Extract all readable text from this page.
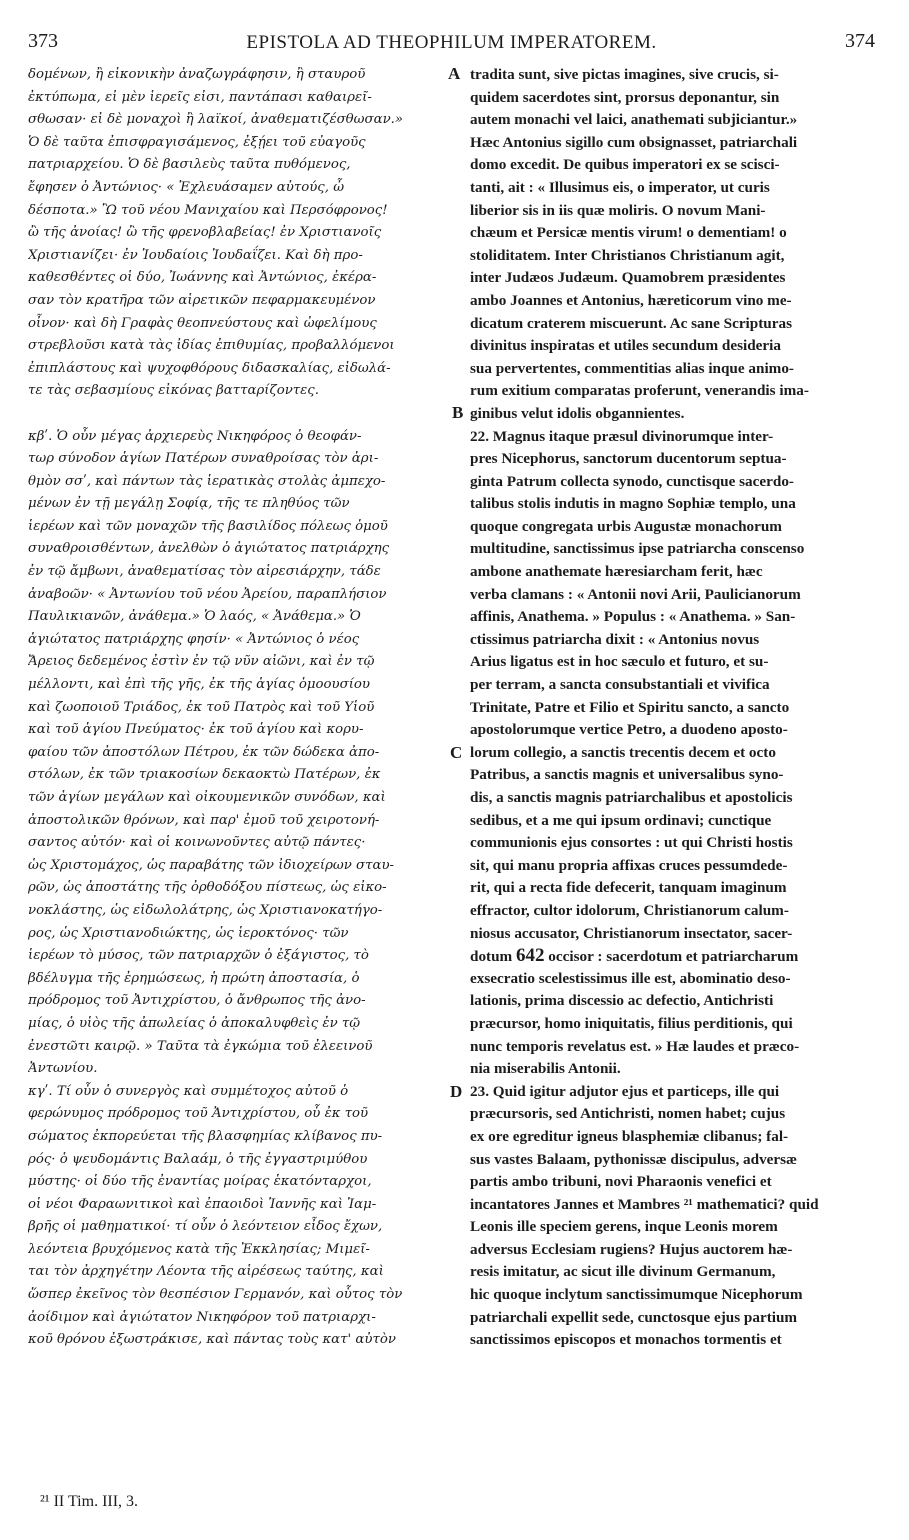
373	EPISTOLA AD THEOPHILUM IMPERATOREM.	374
δομένων, ἢ εἰκονικὴν ἀναζωγράφησιν, ἢ σταυροῦ
ἐκτύπωμα, εἰ μὲν ἱερεῖς εἰσι, παντάπασι καθαιρεῖ-
σθωσαν· εἰ δὲ μοναχοὶ ἢ λαϊκοί, ἀναθεματιζέσθωσαν.»
Ὁ δὲ ταῦτα ἐπισφραγισάμενος, ἐξῄει τοῦ εὐαγοῦς
πατριαρχείου. Ὁ δὲ βασιλεὺς ταῦτα πυθόμενος,
ἔφησεν ὁ Ἀντώνιος· « Ἐχλευάσαμεν αὐτούς, ὦ
δέσποτα.» Ὢ τοῦ νέου Μανιχαίου καὶ Περσόφρονος!
ὢ τῆς ἀνοίας! ὢ τῆς φρενοβλαβείας! ἐν Χριστιανοῖς
Χριστιανίζει· ἐν Ἰουδαίοις Ἰουδαΐζει. Καὶ δὴ προ-
καθεσθέντες οἱ δύο, Ἰωάννης καὶ Ἀντώνιος, ἐκέρα-
σαν τὸν κρατῆρα τῶν αἱρετικῶν πεφαρμακευμένον
οἶνον· καὶ δὴ Γραφὰς θεοπνεύστους καὶ ὠφελίμους
στρεβλοῦσι κατὰ τὰς ἰδίας ἐπιθυμίας, προβαλλόμενοι
ἐπιπλάστους καὶ ψυχοφθόρους διδασκαλίας, εἰδωλά-
τε τὰς σεβασμίους εἰκόνας βατταρίζοντες.
κβʹ. Ὁ οὖν μέγας ἀρχιερεὺς Νικηφόρος ὁ θεοφάν-
τωρ σύνοδον ἁγίων Πατέρων συναθροίσας τὸν ἀρι-
θμὸν σσʹ, καὶ πάντων τὰς ἱερατικὰς στολὰς ἀμπεχο-
μένων ἐν τῇ μεγάλῃ Σοφίᾳ, τῆς τε πληθύος τῶν
ἱερέων καὶ τῶν μοναχῶν τῆς βασιλίδος πόλεως ὁμοῦ
συναθροισθέντων, ἀνελθὼν ὁ ἁγιώτατος πατριάρχης
ἐν τῷ ἄμβωνι, ἀναθεματίσας τὸν αἱρεσιάρχην, τάδε
ἀναβοῶν· « Ἀντωνίου τοῦ νέου Ἀρείου, παραπλήσιον
Παυλικιανῶν, ἀνάθεμα.» Ὁ λαός, « Ἀνάθεμα.» Ὁ
ἁγιώτατος πατριάρχης φησίν· « Ἀντώνιος ὁ νέος
Ἄρειος δεδεμένος ἐστὶν ἐν τῷ νῦν αἰῶνι, καὶ ἐν τῷ
μέλλοντι, καὶ ἐπὶ τῆς γῆς, ἐκ τῆς ἁγίας ὁμοουσίου
καὶ ζωοποιοῦ Τριάδος, ἐκ τοῦ Πατρὸς καὶ τοῦ Υἱοῦ
καὶ τοῦ ἁγίου Πνεύματος· ἐκ τοῦ ἁγίου καὶ κορυ-
φαίου τῶν ἀποστόλων Πέτρου, ἐκ τῶν δώδεκα ἀπο-
στόλων, ἐκ τῶν τριακοσίων δεκαοκτὼ Πατέρων, ἐκ
τῶν ἁγίων μεγάλων καὶ οἰκουμενικῶν συνόδων, καὶ
ἀποστολικῶν θρόνων, καὶ παρ' ἐμοῦ τοῦ χειροτονή-
σαντος αὐτόν· καὶ οἱ κοινωνοῦντες αὐτῷ πάντες·
ὡς Χριστομάχος, ὡς παραβάτης τῶν ἰδιοχείρων σταυ-
ρῶν, ὡς ἀποστάτης τῆς ὀρθοδόξου πίστεως, ὡς εἰκο-
νοκλάστης, ὡς εἰδωλολάτρης, ὡς Χριστιανοκατήγο-
ρος, ὡς Χριστιανοδιώκτης, ὡς ἱεροκτόνος· τῶν
ἱερέων τὸ μύσος, τῶν πατριαρχῶν ὁ ἐξάγιστος, τὸ
βδέλυγμα τῆς ἐρημώσεως, ἡ πρώτη ἀποστασία, ὁ
πρόδρομος τοῦ Ἀντιχρίστου, ὁ ἄνθρωπος τῆς ἀνο-
μίας, ὁ υἱὸς τῆς ἀπωλείας ὁ ἀποκαλυφθεὶς ἐν τῷ
ἐνεστῶτι καιρῷ. » Ταῦτα τὰ ἐγκώμια τοῦ ἐλεεινοῦ
Ἀντωνίου.
κγʹ. Τί οὖν ὁ συνεργὸς καὶ συμμέτοχος αὐτοῦ ὁ
φερώνυμος πρόδρομος τοῦ Ἀντιχρίστου, οὗ ἐκ τοῦ
σώματος ἐκπορεύεται τῆς βλασφημίας κλίβανος πυ-
ρός· ὁ ψευδομάντις Βαλαάμ, ὁ τῆς ἐγγαστριμύθου
μύστης· οἱ δύο τῆς ἐναντίας μοίρας ἑκατόνταρχοι,
οἱ νέοι Φαραωνιτικοὶ καὶ ἐπαοιδοὶ Ἰαννῆς καὶ Ἰαμ-
βρῆς οἱ μαθηματικοί· τί οὖν ὁ λεόντειον εἶδος ἔχων,
λεόντεια βρυχόμενος κατὰ τῆς Ἐκκλησίας; Μιμεῖ-
ται τὸν ἀρχηγέτην Λέοντα τῆς αἱρέσεως ταύτης, καὶ
ὥσπερ ἐκεῖνος τὸν θεσπέσιον Γερμανόν, καὶ οὗτος τὸν
ἀοίδιμον καὶ ἁγιώτατον Νικηφόρον τοῦ πατριαρχι-
κοῦ θρόνου ἐξωστράκισε, καὶ πάντας τοὺς κατ' αὐτὸν
tradita sunt, sive pictas imagines, sive crucis, si-
quidem sacerdotes sint, prorsus deponantur, sin
autem monachi vel laici, anathemati subjiciantur.»
Hæc Antonius sigillo cum obsignasset, patriarchali
domo excedit. De quibus imperatori ex se sciscі-
tanti, ait : « Illusimus eis, o imperator, ut curis
liberior sis in iis quæ moliris. O novum Mani-
chæum et Persicæ mentis virum! o dementiam! o
stoliditatem. Inter Christianos Christianum agit,
inter Judæos Judæum. Quamobrem præsidentes
ambo Joannes et Antonius, hæreticorum vino me-
dicatum craterem miscuerunt. Ac sane Scripturas
divinitus inspiratas et utiles secundum desideria
sua pervertentes, commentitias alias inque animo-
rum exitium comparatas proferunt, venerandis ima-
ginibus velut idolis obgannientes.
22. Magnus itaque præsul divinorumque inter-
pres Nicephorus, sanctorum ducentorum septua-
ginta Patrum collecta synodo, cunctisque sacerdo-
talibus stolis indutis in magno Sophiæ templo, una
quoque congregata urbis Augustæ monachorum
multitudine, sanctissimus ipse patriarcha conscenso
ambone anathemate hæresiarcham ferit, hæc
verba clamans : « Antonii novi Arii, Paulicianorum
affinis, Anathema. » Populus : « Anathema. » San-
ctissimus patriarcha dixit : « Antonius novus
Arius ligatus est in hoc sæculo et futuro, et su-
per terram, a sancta consubstantiali et vivifica
Trinitate, Patre et Filio et Spiritu sancto, a sancto
apostolorumque vertice Petro, a duodeno aposto-
lorum collegio, a sanctis trecentis decem et octo
Patribus, a sanctis magnis et universalibus syno-
dis, a sanctis magnis patriarchalibus et apostolicis
sedibus, et a me qui ipsum ordinavi; cunctique
communionis ejus consortes : ut qui Christi hostis
sit, qui manu propria affixas cruces pessumdede-
rit, qui a recta fide defecerit, tanquam imaginum
effractor, cultor idolorum, Christianorum calum-
niosus accusator, Christianorum insectator, sacer-
dotum 642 occisor : sacerdotum et patriarcharum
exsecratio scelestissimus ille est, abominatio deso-
lationis, prima discessio ac defectio, Antichristi
præcursor, homo iniquitatis, filius perditionis, qui
nunc temporis revelatus est. » Hæ laudes et præco-
nia miserabilis Antonii.
23. Quid igitur adjutor ejus et particeps, ille qui
præcursoris, sed Antichristi, nomen habet; cujus
ex ore egreditur igneus blasphemiæ clibanus; fal-
sus vastes Balaam, pythonissæ discipulus, adversæ
partis ambo tribuni, novi Pharaonis venefici et
incantatores Jannes et Mambres ²¹ mathematici? quid
Leonis ille speciem gerens, inque Leonis morem
adversus Ecclesiam rugiens? Hujus auctorem hæ-
resis imitatur, ac sicut ille divinum Germanum,
hic quoque inclytum sanctissimumque Nicephorum
patriarchali expellit sede, cunctosque ejus partium
sanctissimos episcopos et monachos tormentis et
A
B
C
D
²¹ II Tim. III, 3.
